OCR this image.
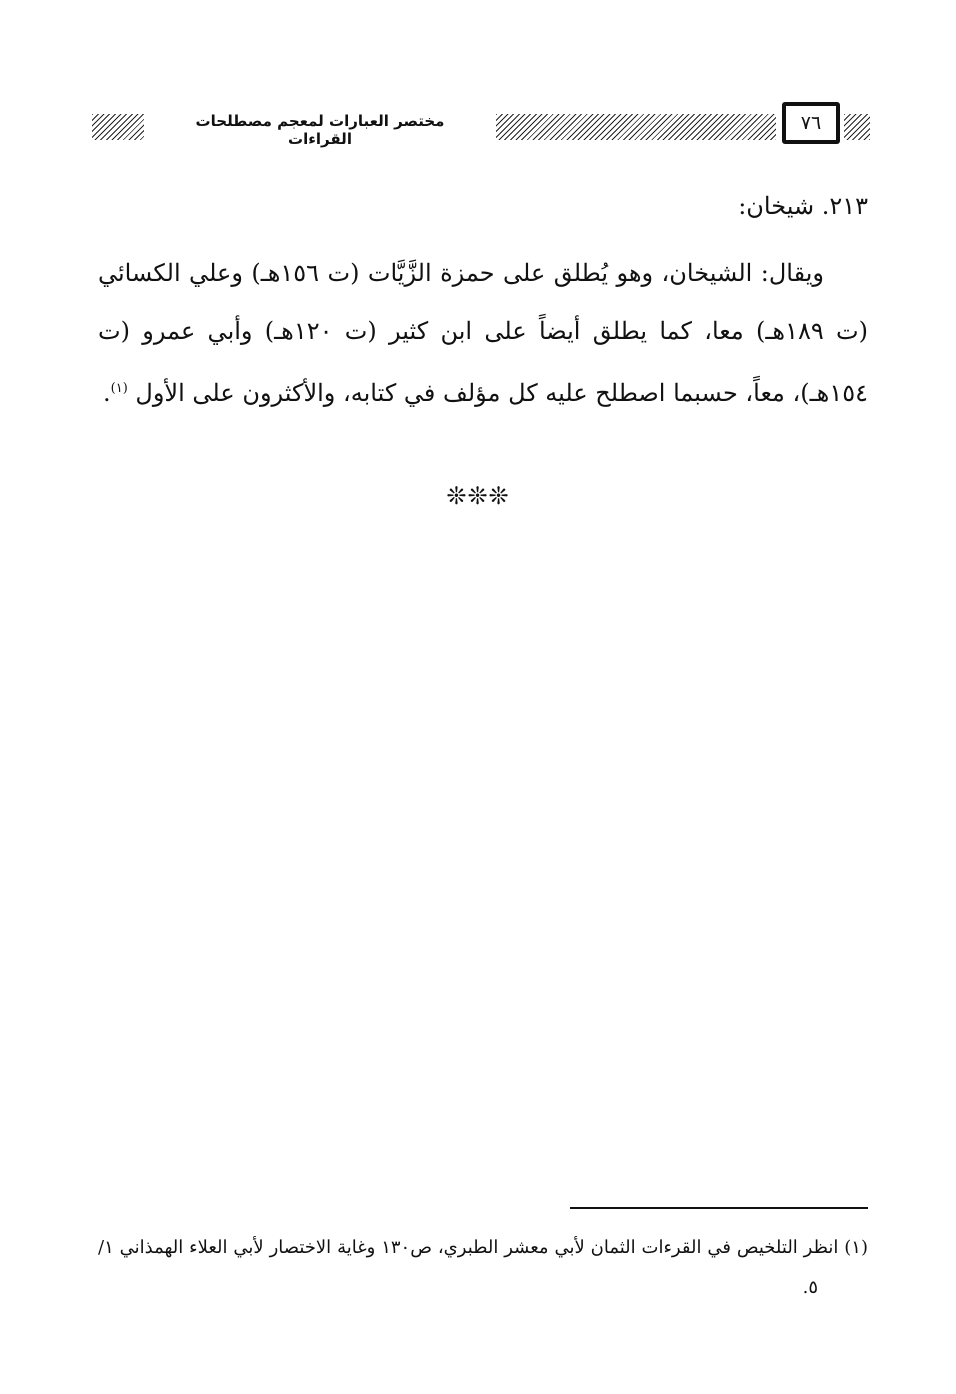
مختصر العبارات لمعجم مصطلحات القراءات
٧٦
٢١٣. شيخان:

ويقال: الشيخان، وهو يُطلق على حمزة الزَّيَّات (ت ١٥٦هـ) وعلي الكسائي (ت ١٨٩هـ) معا، كما يطلق أيضاً على ابن كثير (ت ١٢٠هـ) وأبي عمرو (ت ١٥٤هـ)، معاً، حسبما اصطلح عليه كل مؤلف في كتابه، والأكثرون على الأول $^{(١)}$.

❊❊❊

(١) انظر التلخيص في القرءات الثمان لأبي معشر الطبري، ص١٣٠ وغاية الاختصار لأبي العلاء الهمذاني ١/ ٥.
